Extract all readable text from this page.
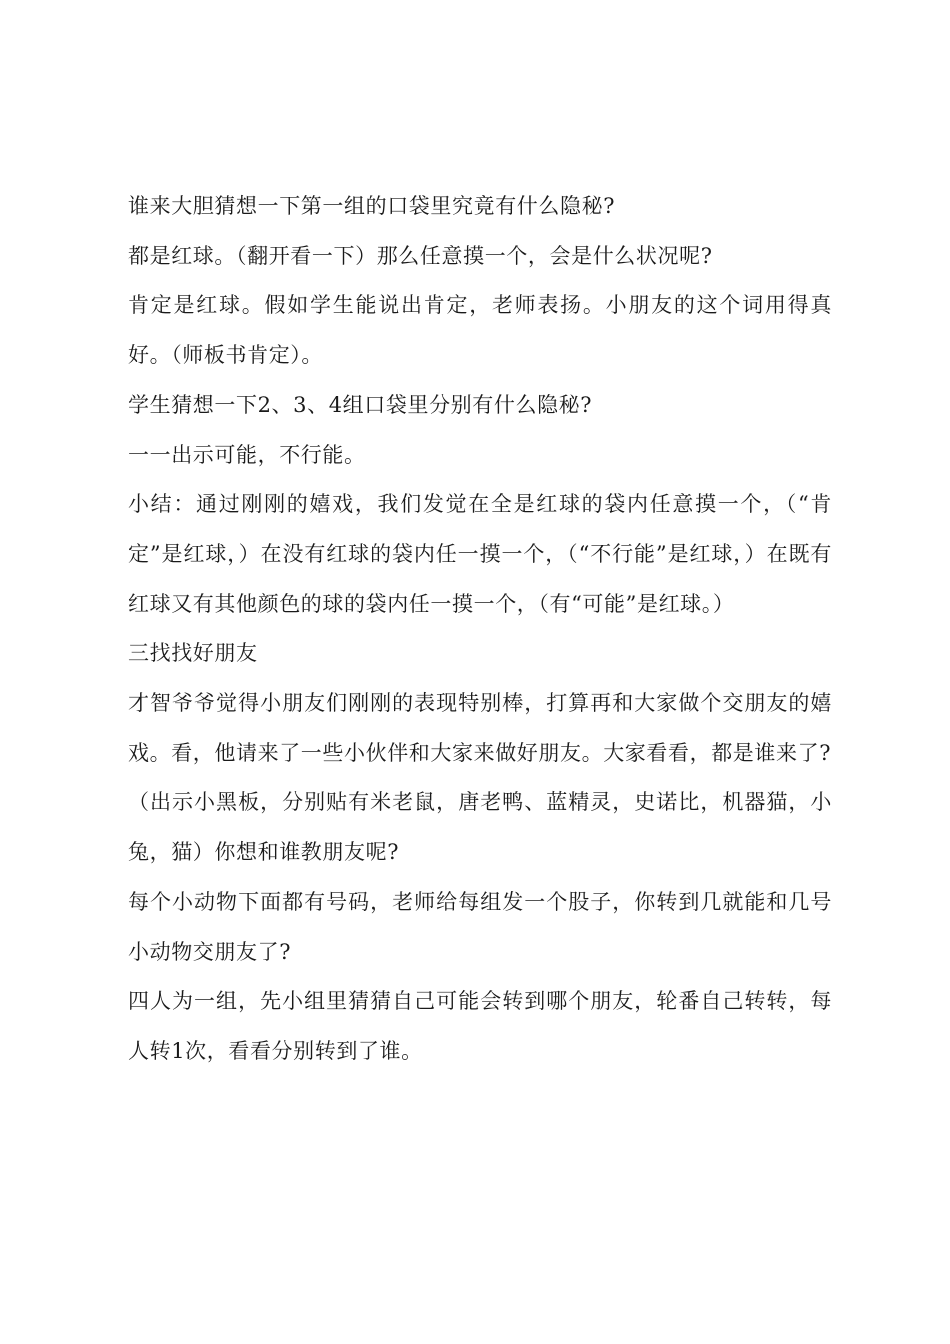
谁来大胆猜想一下第一组的口袋里究竟有什么隐秘?

都是红球。（翻开看一下）那么任意摸一个，会是什么状况呢?

肯定是红球。假如学生能说出肯定，老师表扬。小朋友的这个词用得真好。（师板书肯定）。

学生猜想一下2、3、4组口袋里分别有什么隐秘?

一一出示可能，不行能。

小结：通过刚刚的嬉戏，我们发觉在全是红球的袋内任意摸一个，（“肯定”是红球，）在没有红球的袋内任一摸一个，（“不行能”是红球，）在既有红球又有其他颜色的球的袋内任一摸一个，（有“可能”是红球。）

三找找好朋友

才智爷爷觉得小朋友们刚刚的表现特别棒，打算再和大家做个交朋友的嬉戏。看，他请来了一些小伙伴和大家来做好朋友。大家看看，都是谁来了?

（出示小黑板，分别贴有米老鼠，唐老鸭、蓝精灵，史诺比，机器猫，小兔，猫）你想和谁教朋友呢?

每个小动物下面都有号码，老师给每组发一个股子，你转到几就能和几号小动物交朋友了?

四人为一组，先小组里猜猜自己可能会转到哪个朋友，轮番自己转转，每人转1次，看看分别转到了谁。
